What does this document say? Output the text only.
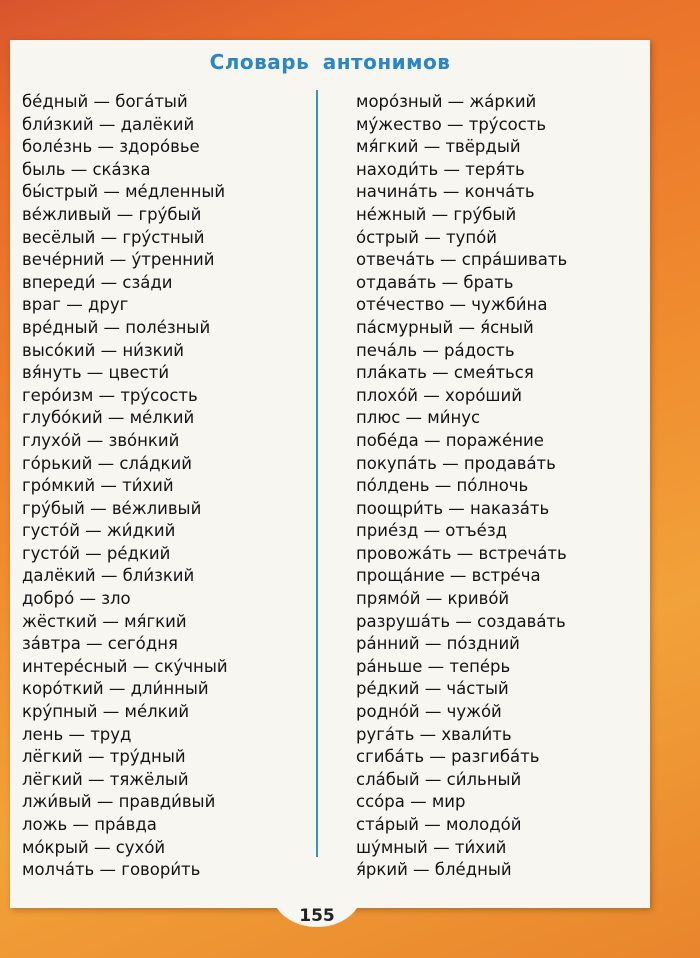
Словарь антонимов
бе́дный — бога́тый
бли́зкий — далёкий
боле́знь — здоро́вье
быль — ска́зка
бы́стрый — ме́дленный
ве́жливый — гру́бый
весёлый — гру́стный
вече́рний — у́тренний
впереди́ — сза́ди
враг — друг
вре́дный — поле́зный
высо́кий — ни́зкий
вя́нуть — цвести́
геро́изм — тру́сость
глубо́кий — ме́лкий
глухо́й — зво́нкий
го́рький — сла́дкий
гро́мкий — ти́хий
гру́бый — ве́жливый
густо́й — жи́дкий
густо́й — ре́дкий
далёкий — бли́зкий
добро́ — зло
жёсткий — мя́гкий
за́втра — сего́дня
интере́сный — ску́чный
коро́ткий — дли́нный
кру́пный — ме́лкий
лень — труд
лёгкий — тру́дный
лёгкий — тяжёлый
лжи́вый — правди́вый
ложь — пра́вда
мо́крый — сухо́й
молча́ть — говори́ть
моро́зный — жа́ркий
му́жество — тру́сость
мя́гкий — твёрдый
находи́ть — теря́ть
начина́ть — конча́ть
не́жный — гру́бый
о́стрый — тупо́й
отвеча́ть — спра́шивать
отдава́ть — брать
оте́чество — чужби́на
па́смурный — я́сный
печа́ль — ра́дость
пла́кать — смея́ться
плохо́й — хоро́ший
плюс — ми́нус
побе́да — пораже́ние
покупа́ть — продава́ть
по́лдень — по́лночь
поощри́ть — наказа́ть
прие́зд — отъе́зд
провожа́ть — встреча́ть
проща́ние — встре́ча
прямо́й — криво́й
разруша́ть — создава́ть
ра́нний — по́здний
ра́ньше — тепе́рь
ре́дкий — ча́стый
родно́й — чужо́й
руга́ть — хвали́ть
сгиба́ть — разгиба́ть
сла́бый — си́льный
ссо́ра — мир
ста́рый — молодо́й
шу́мный — ти́хий
я́ркий — бле́дный
155
